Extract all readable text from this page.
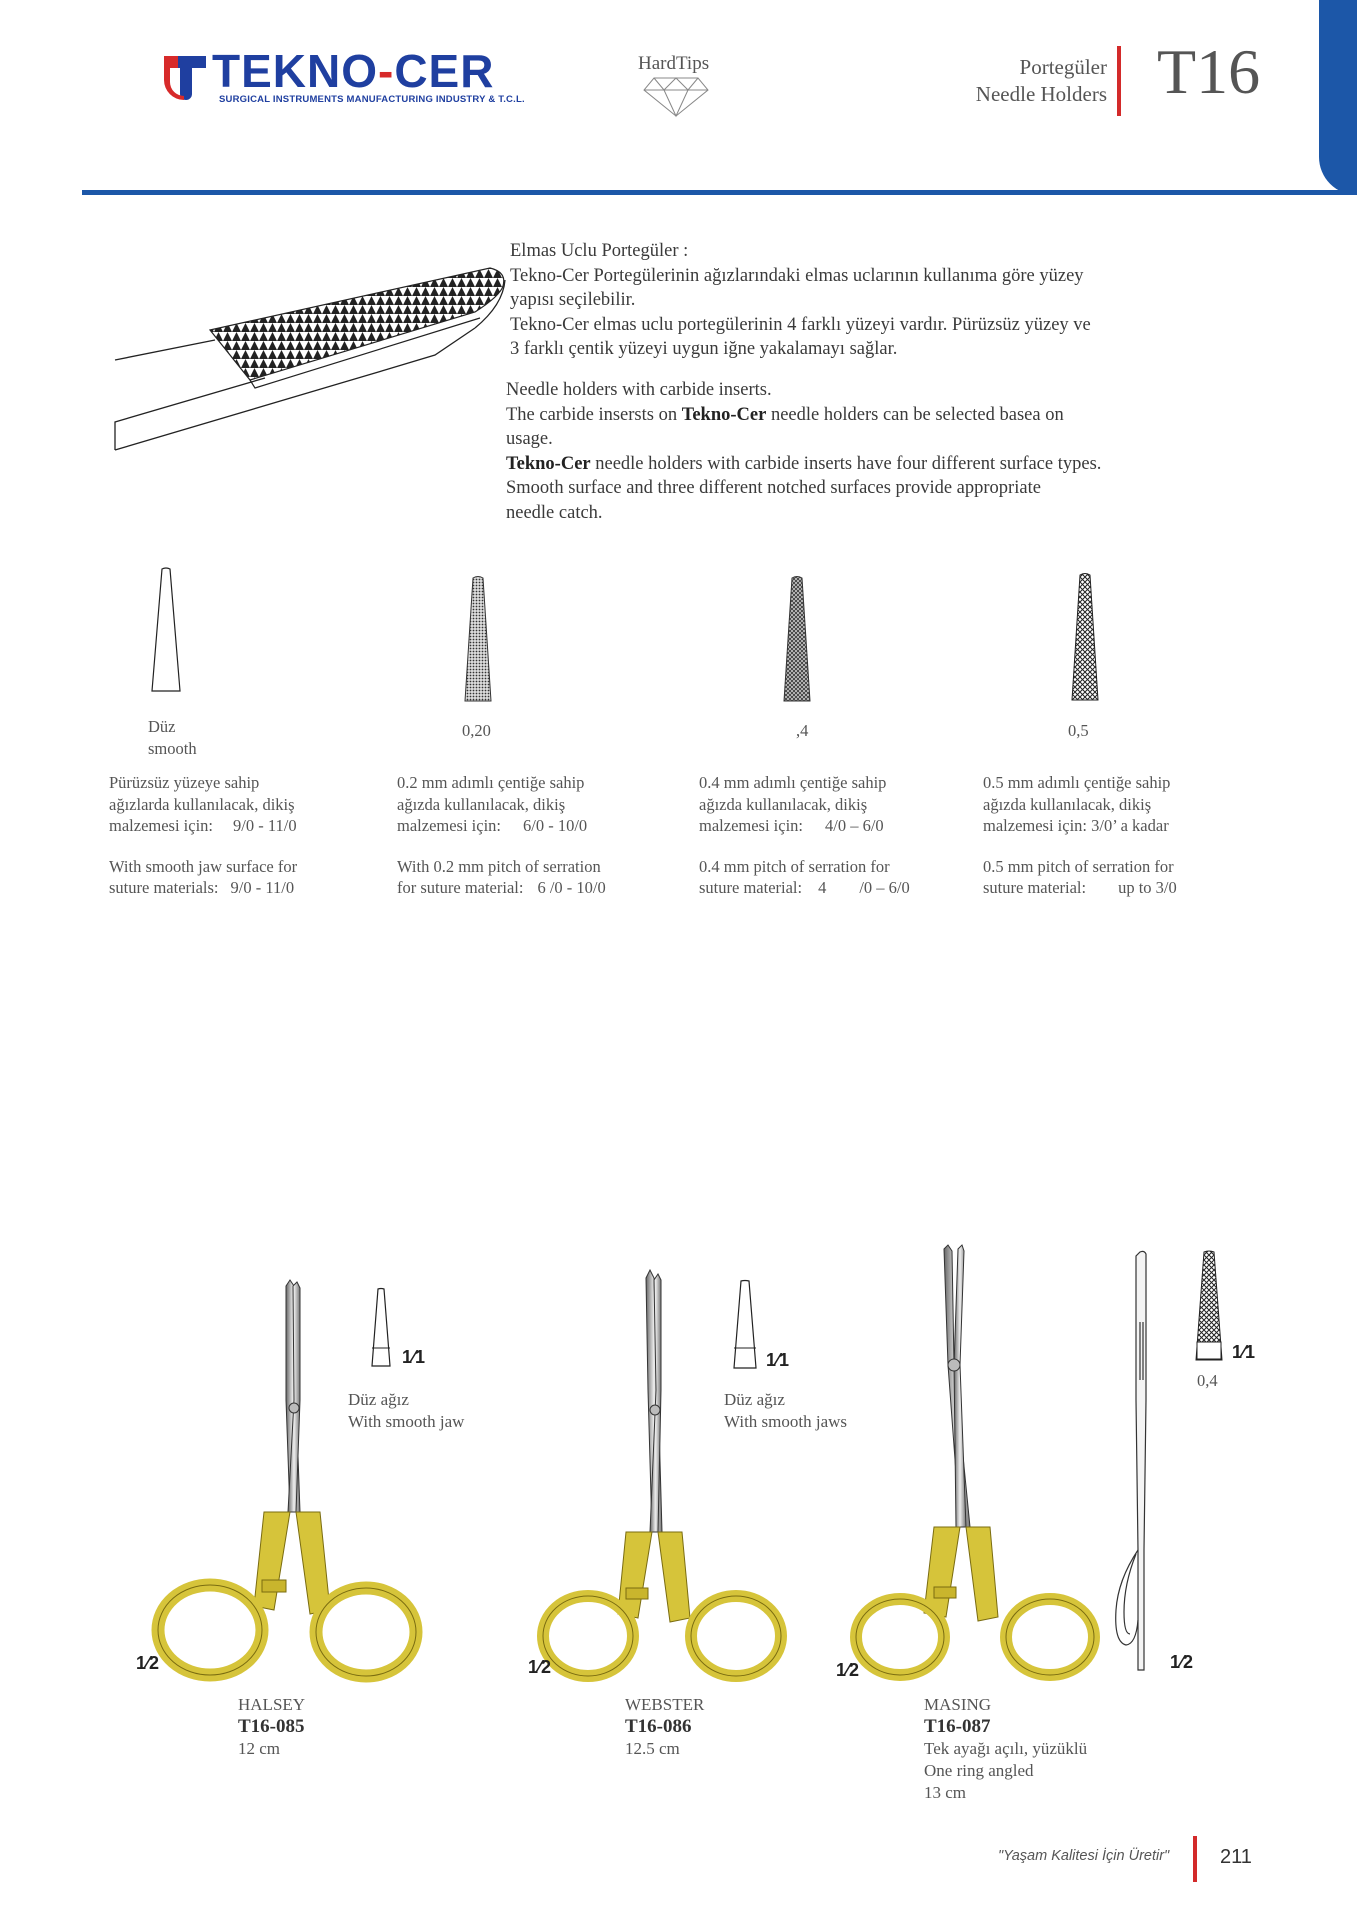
TEKNO-CER
SURGICAL INSTRUMENTS MANUFACTURING INDUSTRY & T.C.L.
HardTips	Portegüler
Needle Holders T16
Elmas Uclu Portegüler :
Tekno-Cer Portegülerinin ağızlarındaki elmas uclarının kullanıma göre yüzey
yapısı seçilebilir.
Tekno-Cer elmas uclu portegülerinin 4 farklı yüzeyi vardır. Pürüzsüz yüzey ve
3 farklı çentik yüzeyi uygun iğne yakalamayı sağlar.
Needle holders with carbide inserts.
The carbide insersts on Tekno-Cer needle holders can be selected basea on
usage.
Tekno-Cer needle holders with carbide inserts have four different surface types.
Smooth surface and three different notched surfaces provide appropriate
needle catch.
Düz
smooth
0,20	,4	0,5
Pürüzsüz yüzeye sahip
ağızlarda kullanılacak, dikiş
malzemesi için: 9/0 - 11/0
With smooth jaw surface for
suture materials: 9/0 - 11/0
0.2 mm adımlı çentiğe sahip
ağızda kullanılacak, dikiş
malzemesi için: 6/0 - 10/0
With 0.2 mm pitch of serration
for suture material: 6 /0 - 10/0
0.4 mm adımlı çentiğe sahip
ağızda kullanılacak, dikiş
malzemesi için: 4/0 – 6/0
0.4 mm pitch of serration for
suture material: 4        /0 – 6/0
0.5 mm adımlı çentiğe sahip
ağızda kullanılacak, dikiş
malzemesi için: 3/0’ a kadar
0.5 mm pitch of serration for
suture material: up to 3/0
1⁄1
Düz ağız
With smooth jaw
1⁄2
HALSEY
T16-085
12 cm
1⁄1
Düz ağız
With smooth jaws
1⁄2
WEBSTER
T16-086
12.5 cm
1⁄1
0,4
1⁄2
1⁄2
MASING
T16-087
Tek ayağı açılı, yüzüklü
One ring angled
13 cm
"Yaşam Kalitesi İçin Üretir"	211
